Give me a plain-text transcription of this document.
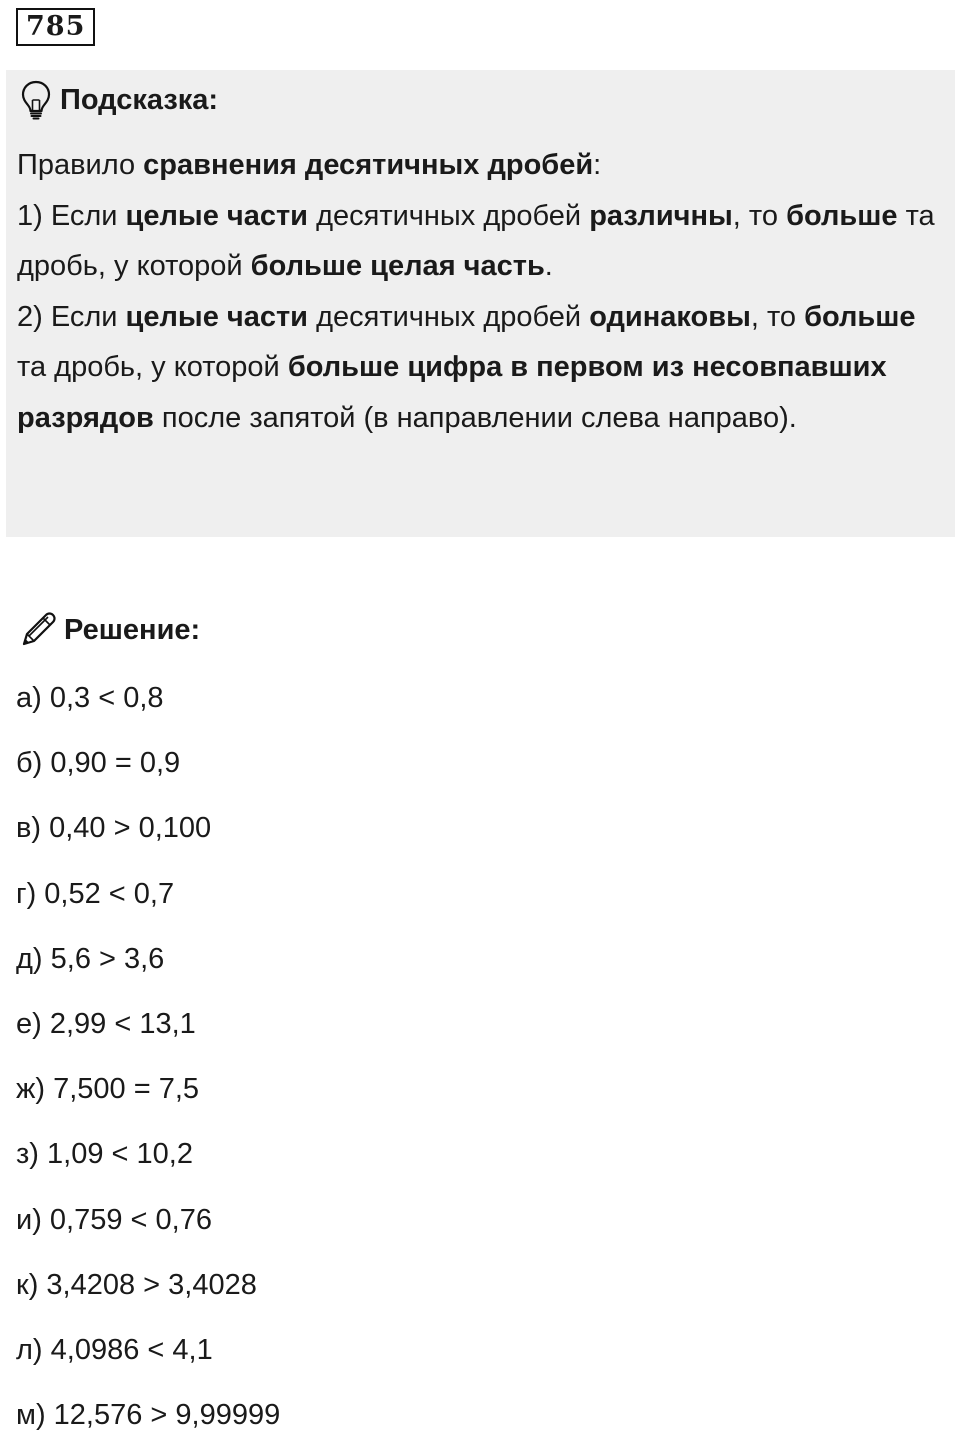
785
Подсказка:

Правило сравнения десятичных дробей:

1) Если целые части десятичных дробей различны, то больше та дробь, у которой больше целая часть.

2) Если целые части десятичных дробей одинаковы, то больше та дробь, у которой больше цифра в первом из несовпавших разрядов после запятой (в направлении слева направо).

Решение:
а) 0,3 < 0,8
б) 0,90 = 0,9
в) 0,40 > 0,100
г) 0,52 < 0,7
д) 5,6 > 3,6
е) 2,99 < 13,1
ж) 7,500 = 7,5
з) 1,09 < 10,2
и) 0,759 < 0,76
к) 3,4208 > 3,4028
л) 4,0986 < 4,1
м) 12,576 > 9,99999
